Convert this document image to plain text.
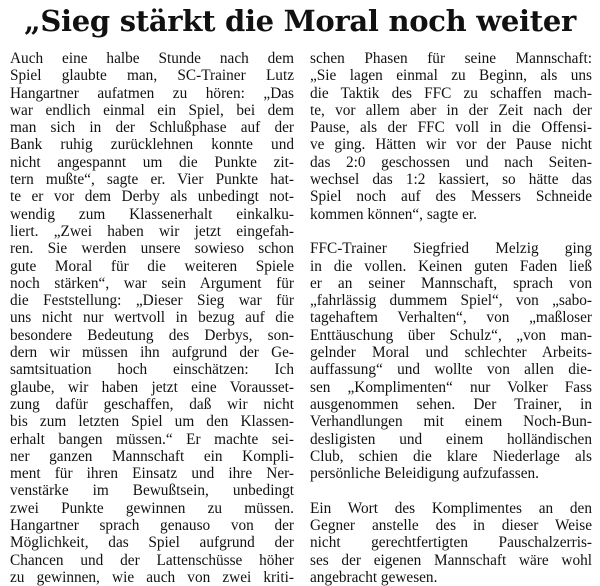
„Sieg stärkt die Moral noch weiter
Auch eine halbe Stunde nach dem
Spiel glaubte man, SC-Trainer Lutz
Hangartner aufatmen zu hören: „Das
war endlich einmal ein Spiel, bei dem
man sich in der Schlußphase auf der
Bank ruhig zurücklehnen konnte und
nicht angespannt um die Punkte zit-
tern mußte“, sagte er. Vier Punkte hat-
te er vor dem Derby als unbedingt not-
wendig zum Klassenerhalt einkalku-
liert. „Zwei haben wir jetzt eingefah-
ren. Sie werden unsere sowieso schon
gute Moral für die weiteren Spiele
noch stärken“, war sein Argument für
die Feststellung: „Dieser Sieg war für
uns nicht nur wertvoll in bezug auf die
besondere Bedeutung des Derbys, son-
dern wir müssen ihn aufgrund der Ge-
samtsituation hoch einschätzen: Ich
glaube, wir haben jetzt eine Vorausset-
zung dafür geschaffen, daß wir nicht
bis zum letzten Spiel um den Klassen-
erhalt bangen müssen.“ Er machte sei-
ner ganzen Mannschaft ein Kompli-
ment für ihren Einsatz und ihre Ner-
venstärke im Bewußtsein, unbedingt
zwei Punkte gewinnen zu müssen.
Hangartner sprach genauso von der
Möglichkeit, das Spiel aufgrund der
Chancen und der Lattenschüsse höher
zu gewinnen, wie auch von zwei kriti-
schen Phasen für seine Mannschaft:
„Sie lagen einmal zu Beginn, als uns
die Taktik des FFC zu schaffen mach-
te, vor allem aber in der Zeit nach der
Pause, als der FFC voll in die Offensi-
ve ging. Hätten wir vor der Pause nicht
das 2:0 geschossen und nach Seiten-
wechsel das 1:2 kassiert, so hätte das
Spiel noch auf des Messers Schneide
kommen können“, sagte er.
FFC-Trainer Siegfried Melzig ging
in die vollen. Keinen guten Faden ließ
er an seiner Mannschaft, sprach von
„fahrlässig dummem Spiel“, von „sabo-
tagehaftem Verhalten“, von „maßloser
Enttäuschung über Schulz“, „von man-
gelnder Moral und schlechter Arbeits-
auffassung“ und wollte von allen die-
sen „Komplimenten“ nur Volker Fass
ausgenommen sehen. Der Trainer, in
Verhandlungen mit einem Noch-Bun-
desligisten und einem holländischen
Club, schien die klare Niederlage als
persönliche Beleidigung aufzufassen.
Ein Wort des Komplimentes an den
Gegner anstelle des in dieser Weise
nicht gerechtfertigten Pauschalzerris-
ses der eigenen Mannschaft wäre wohl
angebracht gewesen.
